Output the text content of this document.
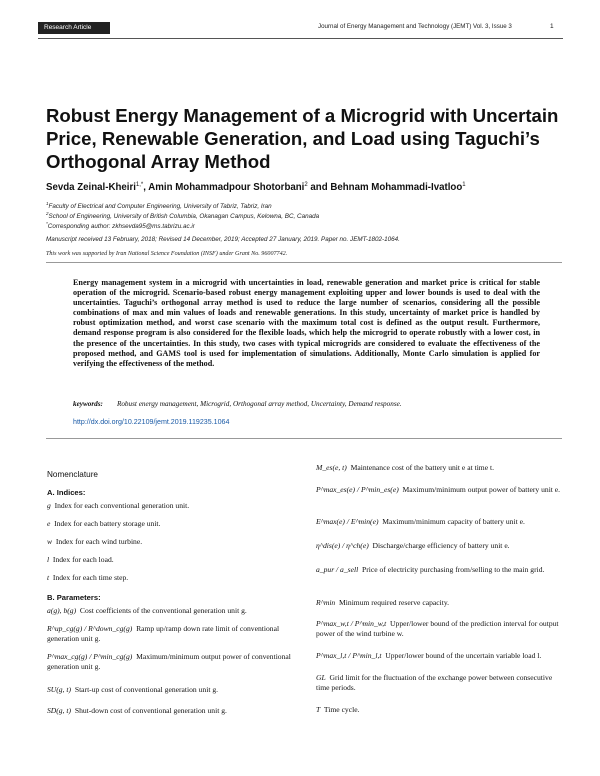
Research Article	Journal of Energy Management and Technology (JEMT) Vol. 3, Issue 3	1
Robust Energy Management of a Microgrid with Uncertain Price, Renewable Generation, and Load using Taguchi’s Orthogonal Array Method
Sevda Zeinal-Kheiri$^{1,*}$, Amin Mohammadpour Shotorbani$^2$ and Behnam Mohammadi-Ivatloo$^1$
$^1$Faculty of Electrical and Computer Engineering, University of Tabriz, Tabriz, Iran
$^2$School of Engineering, University of British Columbia, Okanagan Campus, Kelowna, BC, Canada
*Corresponding author: zkhsevda95@ms.tabrizu.ac.ir
Manuscript received 13 February, 2018; Revised 14 December, 2019; Accepted 27 January, 2019. Paper no. JEMT-1802-1064.
This work was supported by Iran National Science Foundation (INSF) under Grant No. 96007742.
Energy management system in a microgrid with uncertainties in load, renewable generation and market price is critical for stable operation of the microgrid. Scenario-based robust energy management exploiting upper and lower bounds is used to deal with the uncertainties. Taguchi’s orthogonal array method is used to reduce the large number of scenarios, considering all the possible combinations of max and min values of loads and renewable generations. In this study, uncertainty of market price is handled by robust optimization method, and worst case scenario with the maximum total cost is defined as the output result. Furthermore, demand response program is also considered for the flexible loads, which help the microgrid to operate robustly with a lower cost, in the presence of the uncertainties. In this study, two cases with typical microgrids are considered to evaluate the effectiveness of the proposed method, and GAMS tool is used for implementation of simulations. Additionally, Monte Carlo simulation is applied for verifying the effectiveness of the method.
keywords: Robust energy management, Microgrid, Orthogonal array method, Uncertainty, Demand response.
http://dx.doi.org/10.22109/jemt.2019.119235.1064
Nomenclature
A. Indices:
g Index for each conventional generation unit.
e Index for each battery storage unit.
w Index for each wind turbine.
l Index for each load.
t Index for each time step.
B. Parameters:
a(g), b(g) Cost coefficients of the conventional generation unit g.
R^up_cg(g) / R^down_cg(g) Ramp up/ramp down rate limit of conventional generation unit g.
P^max_cg(g) / P^min_cg(g) Maximum/minimum output power of conventional generation unit g.
SU(g, t) Start-up cost of conventional generation unit g.
SD(g, t) Shut-down cost of conventional generation unit g.
M_es(e, t) Maintenance cost of the battery unit e at time t.
P^max_es(e) / P^min_es(e) Maximum/minimum output power of battery unit e.
E^max(e) / E^min(e) Maximum/minimum capacity of battery unit e.
η^dis(e) / η^ch(e) Discharge/charge efficiency of battery unit e.
a_pur / a_sell Price of electricity purchasing from/selling to the main grid.
R^min Minimum required reserve capacity.
P^max_w,t / P^min_w,t Upper/lower bound of the prediction interval for output power of the wind turbine w.
P^max_l,t / P^min_l,t Upper/lower bound of the uncertain variable load l.
GL Grid limit for the fluctuation of the exchange power between consecutive time periods.
T Time cycle.
